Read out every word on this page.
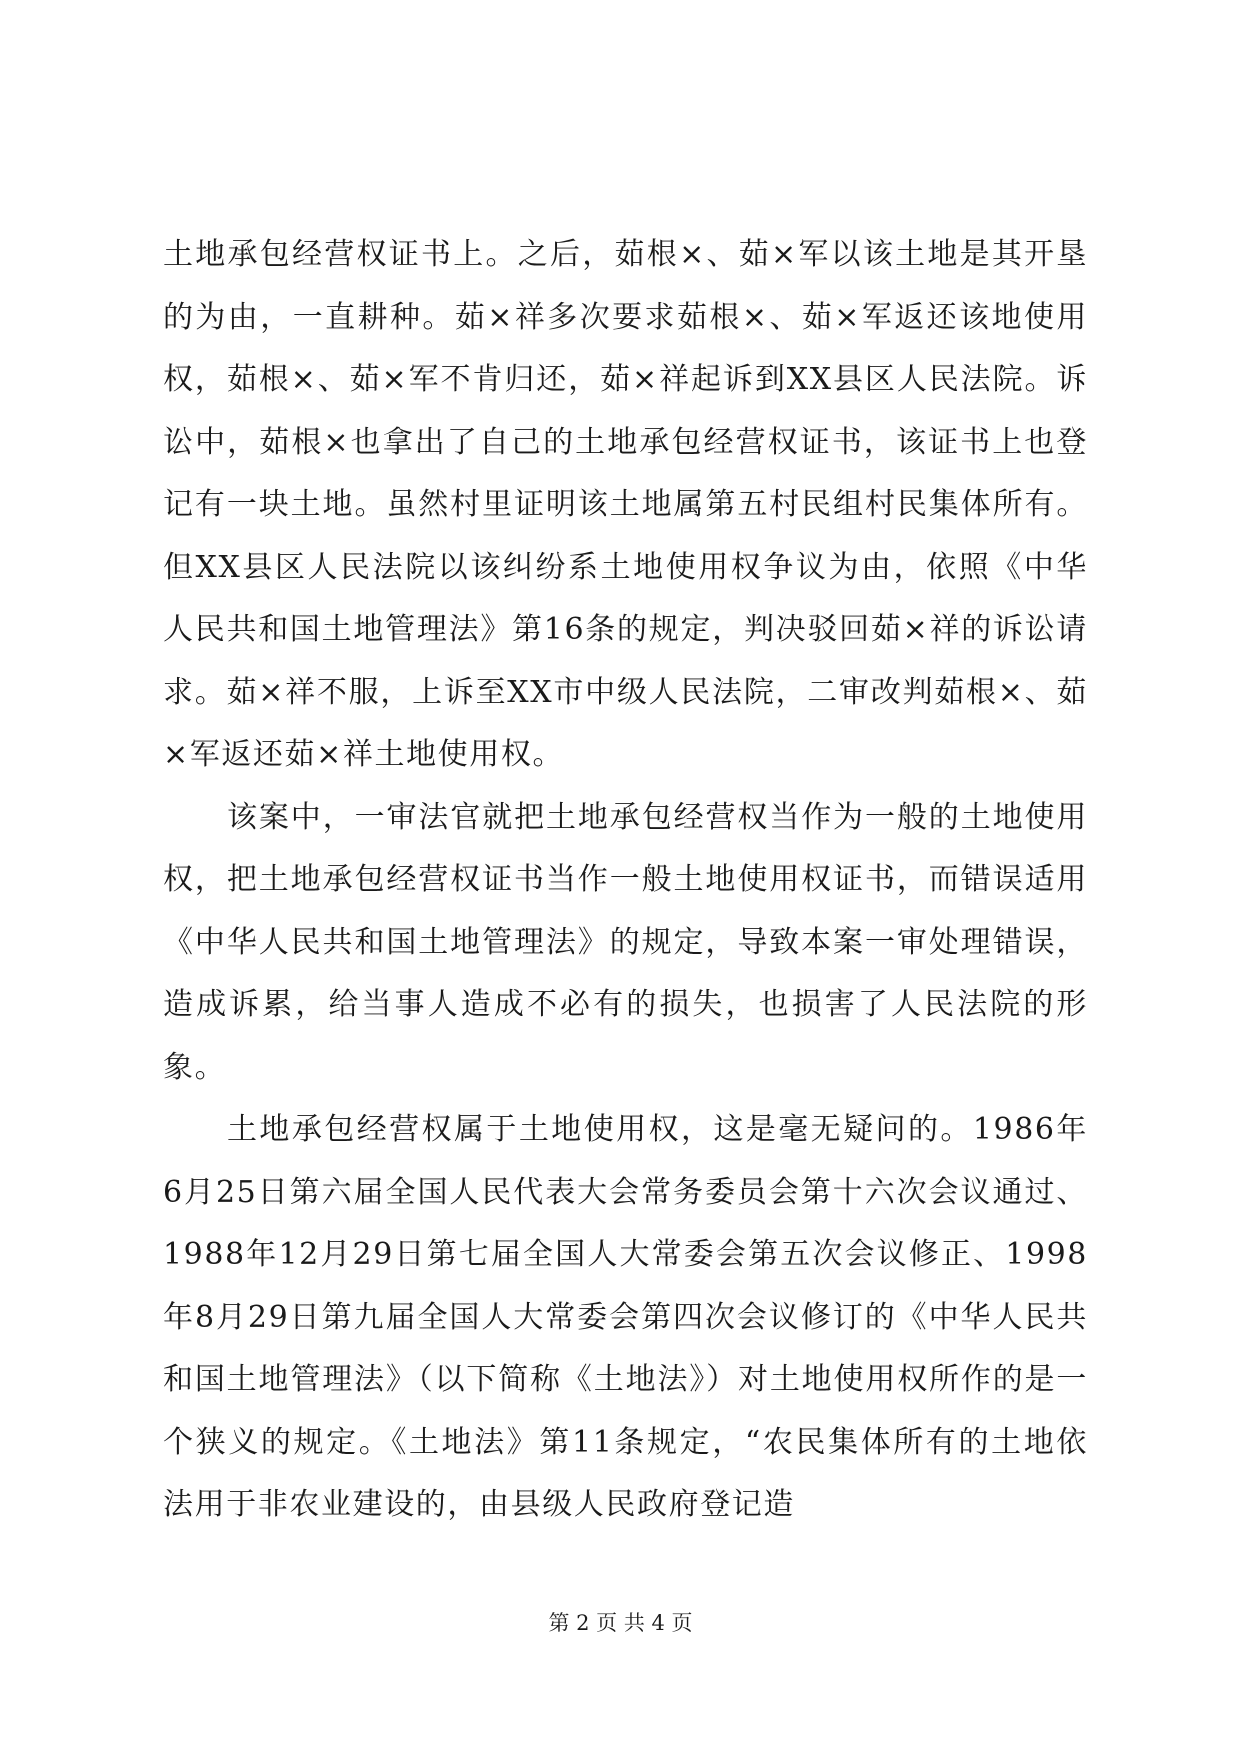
土地承包经营权证书上。之后，茹根×、茹×军以该土地是其开垦的为由，一直耕种。茹×祥多次要求茹根×、茹×军返还该地使用权，茹根×、茹×军不肯归还，茹×祥起诉到XX县区人民法院。诉讼中，茹根×也拿出了自己的土地承包经营权证书，该证书上也登记有一块土地。虽然村里证明该土地属第五村民组村民集体所有。但XX县区人民法院以该纠纷系土地使用权争议为由，依照《中华人民共和国土地管理法》第16条的规定，判决驳回茹×祥的诉讼请求。茹×祥不服，上诉至XX市中级人民法院，二审改判茹根×、茹×军返还茹×祥土地使用权。

该案中，一审法官就把土地承包经营权当作为一般的土地使用权，把土地承包经营权证书当作一般土地使用权证书，而错误适用《中华人民共和国土地管理法》的规定，导致本案一审处理错误，造成诉累，给当事人造成不必有的损失，也损害了人民法院的形象。

土地承包经营权属于土地使用权，这是毫无疑问的。1986年6月25日第六届全国人民代表大会常务委员会第十六次会议通过、1988年12月29日第七届全国人大常委会第五次会议修正、1998年8月29日第九届全国人大常委会第四次会议修订的《中华人民共和国土地管理法》（以下简称《土地法》）对土地使用权所作的是一个狭义的规定。《土地法》第11条规定，“农民集体所有的土地依法用于非农业建设的，由县级人民政府登记造

第 2 页 共 4 页
